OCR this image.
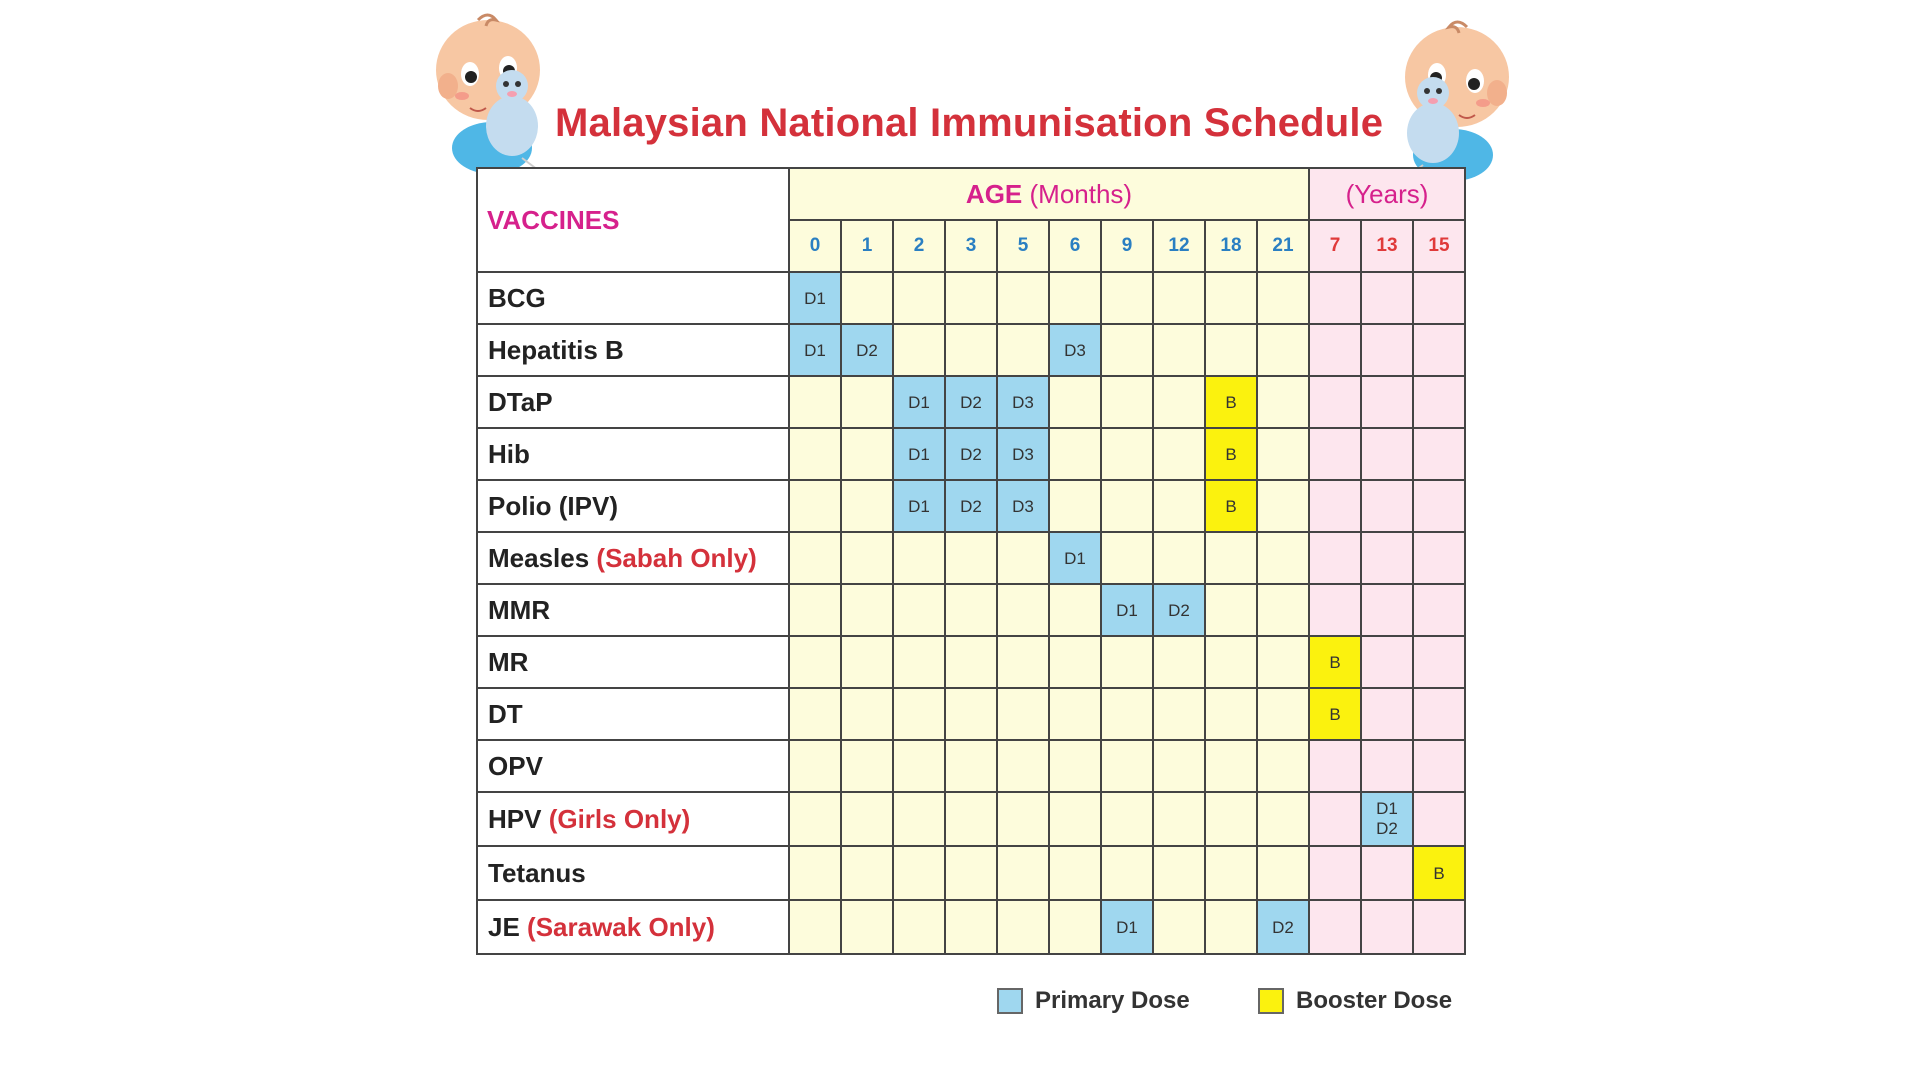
Malaysian National Immunisation Schedule
VACCINES	AGE (Months)										(Years)		
	0	1	2	3	5	6	9	12	18	21	7	13	15
BCG	D1												
Hepatitis B	D1	D2				D3							
DTaP			D1	D2	D3				B				
Hib			D1	D2	D3				B				
Polio (IPV)			D1	D2	D3				B				
Measles (Sabah Only)						D1							
MMR							D1	D2					
MR											B		
DT											B		
OPV													
HPV (Girls Only)												D1
D2	
Tetanus													B
JE (Sarawak Only)							D1			D2			
Primary Dose	Booster Dose
